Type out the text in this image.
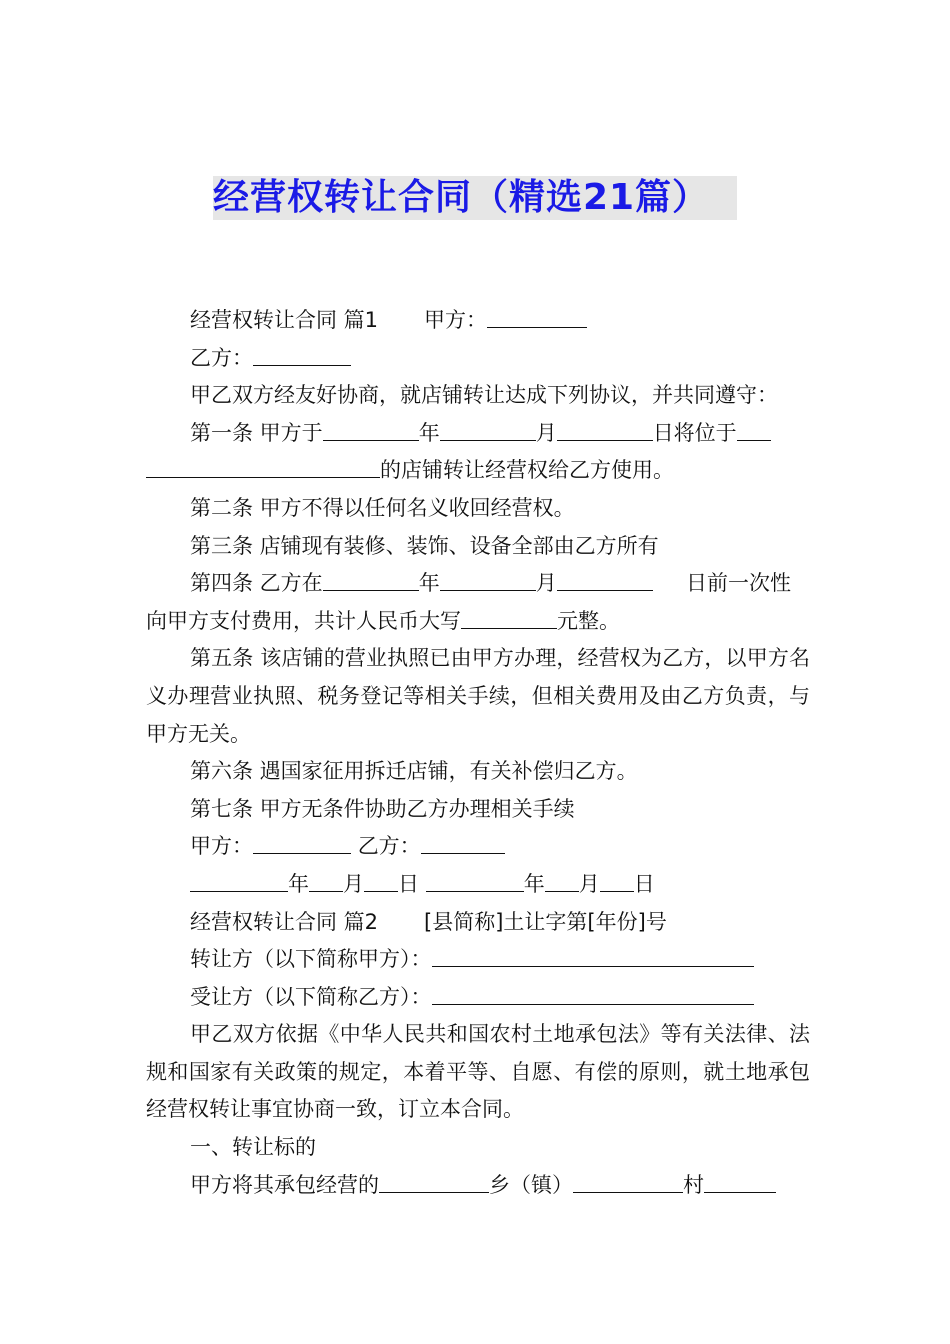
经营权转让合同（精选21篇）

经营权转让合同 篇1 甲方：

乙方：

甲乙双方经友好协商，就店铺转让达成下列协议，并共同遵守：

第一条 甲方于	年	月	日将位于

的店铺转让经营权给乙方使用。

第二条 甲方不得以任何名义收回经营权。

第三条 店铺现有装修、装饰、设备全部由乙方所有

第四条 乙方在	年	月	日前一次性

向甲方支付费用，共计人民币大写	元整。

第五条 该店铺的营业执照已由甲方办理，经营权为乙方，以甲方名义办理营业执照、税务登记等相关手续，但相关费用及由乙方负责，与甲方无关。

第六条 遇国家征用拆迁店铺，有关补偿归乙方。

第七条 甲方无条件协助乙方办理相关手续

甲方：	乙方：

年 月 日	年 月 日

经营权转让合同 篇2 [县简称]土让字第[年份]号

转让方（以下简称甲方）：

受让方（以下简称乙方）：

甲乙双方依据《中华人民共和国农村土地承包法》等有关法律、法规和国家有关政策的规定，本着平等、自愿、有偿的原则，就土地承包经营权转让事宜协商一致，订立本合同。

一、转让标的

甲方将其承包经营的	乡（镇）	村
